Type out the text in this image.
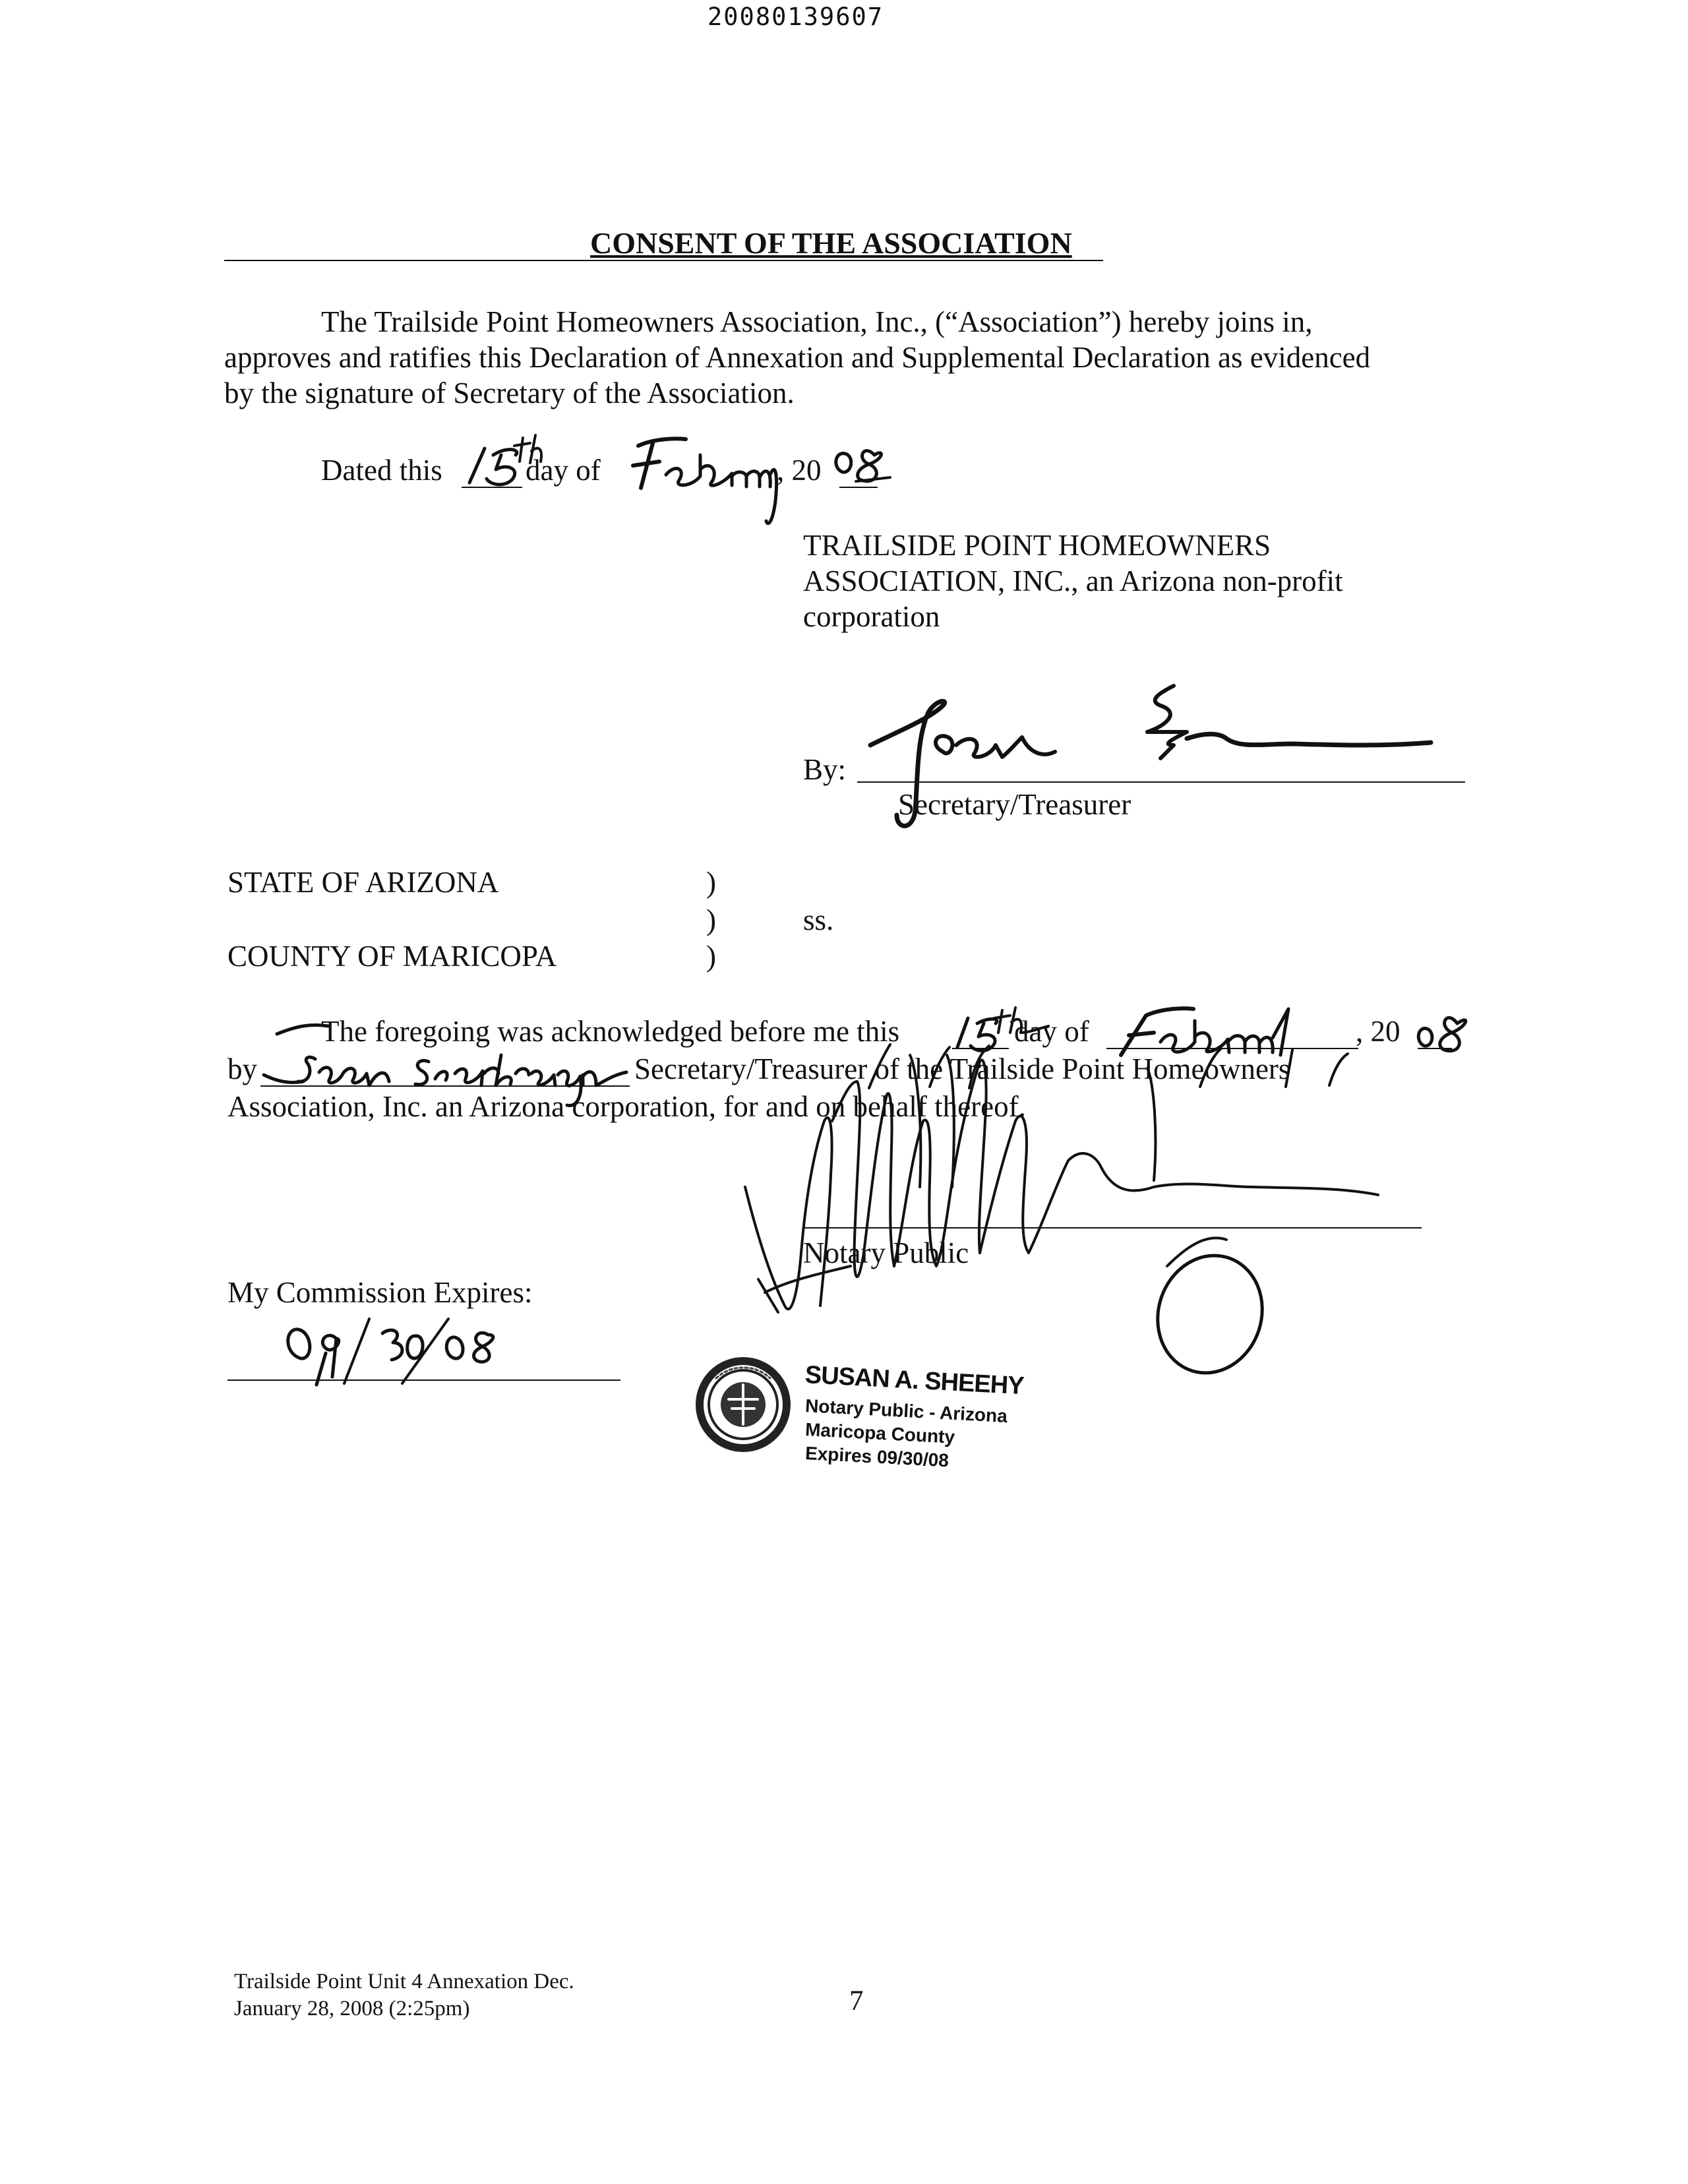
20080139607
CONSENT OF THE ASSOCIATION
The Trailside Point Homeowners Association, Inc., (“Association”) hereby joins in,
approves and ratifies this Declaration of Annexation and Supplemental Declaration as evidenced
by the signature of Secretary of the Association.
Dated this	day of	, 20
TRAILSIDE POINT HOMEOWNERS
ASSOCIATION, INC., an Arizona non-profit
corporation
By:
Secretary/Treasurer
STATE OF ARIZONA	)
)	ss.
COUNTY OF MARICOPA	)
The foregoing was acknowledged before me this	day of	, 20
by	Secretary/Treasurer of the Trailside Point Homeowners
Association, Inc. an Arizona corporation, for and on behalf thereof.
Notary Public
My Commission Expires:
SUSAN A. SHEEHY
Notary Public - Arizona
Maricopa County
Expires 09/30/08
Trailside Point Unit 4 Annexation Dec.
January 28, 2008 (2:25pm)	7
